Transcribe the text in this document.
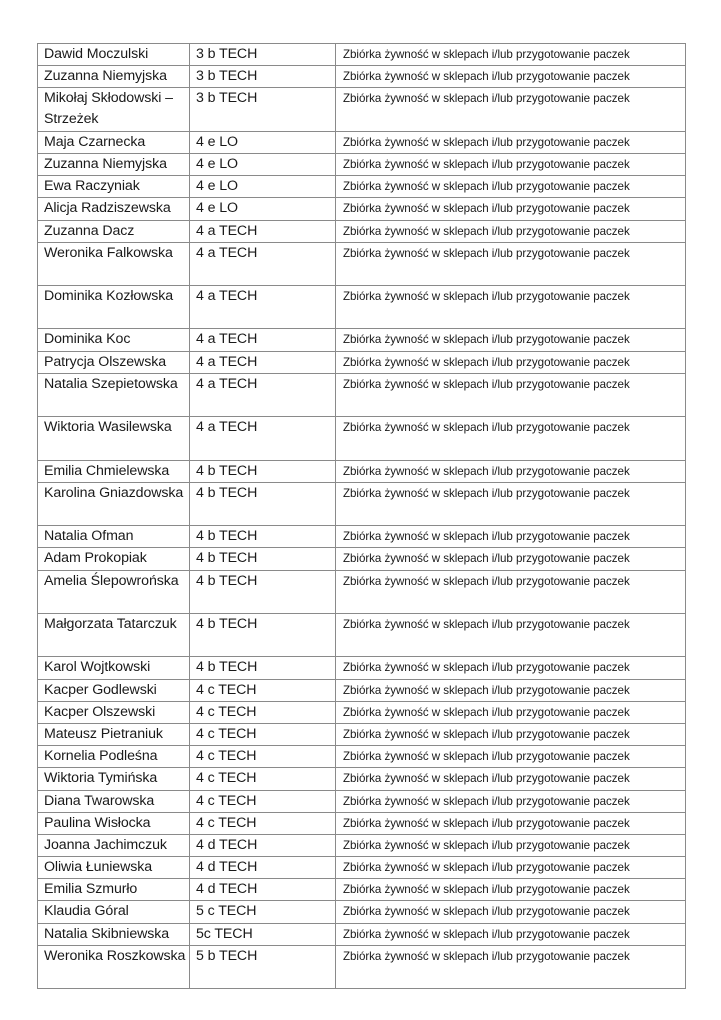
Dawid Moczulski	3 b TECH	Zbiórka żywność w sklepach i/lub przygotowanie paczek
Zuzanna Niemyjska	3 b TECH	Zbiórka żywność w sklepach i/lub przygotowanie paczek
Mikołaj Skłodowski – Strzeżek	3 b TECH	Zbiórka żywność w sklepach i/lub przygotowanie paczek
Maja Czarnecka	4 e LO	Zbiórka żywność w sklepach i/lub przygotowanie paczek
Zuzanna Niemyjska	4 e LO	Zbiórka żywność w sklepach i/lub przygotowanie paczek
Ewa Raczyniak	4 e LO	Zbiórka żywność w sklepach i/lub przygotowanie paczek
Alicja Radziszewska	4 e LO	Zbiórka żywność w sklepach i/lub przygotowanie paczek
Zuzanna Dacz	4 a TECH	Zbiórka żywność w sklepach i/lub przygotowanie paczek
Weronika Falkowska	4 a TECH	Zbiórka żywność w sklepach i/lub przygotowanie paczek
Dominika Kozłowska	4 a TECH	Zbiórka żywność w sklepach i/lub przygotowanie paczek
Dominika Koc	4 a TECH	Zbiórka żywność w sklepach i/lub przygotowanie paczek
Patrycja Olszewska	4 a TECH	Zbiórka żywność w sklepach i/lub przygotowanie paczek
Natalia Szepietowska	4 a TECH	Zbiórka żywność w sklepach i/lub przygotowanie paczek
Wiktoria Wasilewska	4 a TECH	Zbiórka żywność w sklepach i/lub przygotowanie paczek
Emilia Chmielewska	4 b TECH	Zbiórka żywność w sklepach i/lub przygotowanie paczek
Karolina Gniazdowska	4 b TECH	Zbiórka żywność w sklepach i/lub przygotowanie paczek
Natalia Ofman	4 b TECH	Zbiórka żywność w sklepach i/lub przygotowanie paczek
Adam Prokopiak	4 b TECH	Zbiórka żywność w sklepach i/lub przygotowanie paczek
Amelia Ślepowrońska	4 b TECH	Zbiórka żywność w sklepach i/lub przygotowanie paczek
Małgorzata Tatarczuk	4 b TECH	Zbiórka żywność w sklepach i/lub przygotowanie paczek
Karol Wojtkowski	4 b TECH	Zbiórka żywność w sklepach i/lub przygotowanie paczek
Kacper Godlewski	4 c TECH	Zbiórka żywność w sklepach i/lub przygotowanie paczek
Kacper Olszewski	4 c TECH	Zbiórka żywność w sklepach i/lub przygotowanie paczek
Mateusz Pietraniuk	4 c TECH	Zbiórka żywność w sklepach i/lub przygotowanie paczek
Kornelia Podleśna	4 c TECH	Zbiórka żywność w sklepach i/lub przygotowanie paczek
Wiktoria Tymińska	4 c TECH	Zbiórka żywność w sklepach i/lub przygotowanie paczek
Diana Twarowska	4 c TECH	Zbiórka żywność w sklepach i/lub przygotowanie paczek
Paulina Wisłocka	4 c TECH	Zbiórka żywność w sklepach i/lub przygotowanie paczek
Joanna Jachimczuk	4 d TECH	Zbiórka żywność w sklepach i/lub przygotowanie paczek
Oliwia Łuniewska	4 d TECH	Zbiórka żywność w sklepach i/lub przygotowanie paczek
Emilia Szmurło	4 d TECH	Zbiórka żywność w sklepach i/lub przygotowanie paczek
Klaudia Góral	5 c TECH	Zbiórka żywność w sklepach i/lub przygotowanie paczek
Natalia Skibniewska	5c TECH	Zbiórka żywność w sklepach i/lub przygotowanie paczek
Weronika Roszkowska	5 b TECH	Zbiórka żywność w sklepach i/lub przygotowanie paczek
